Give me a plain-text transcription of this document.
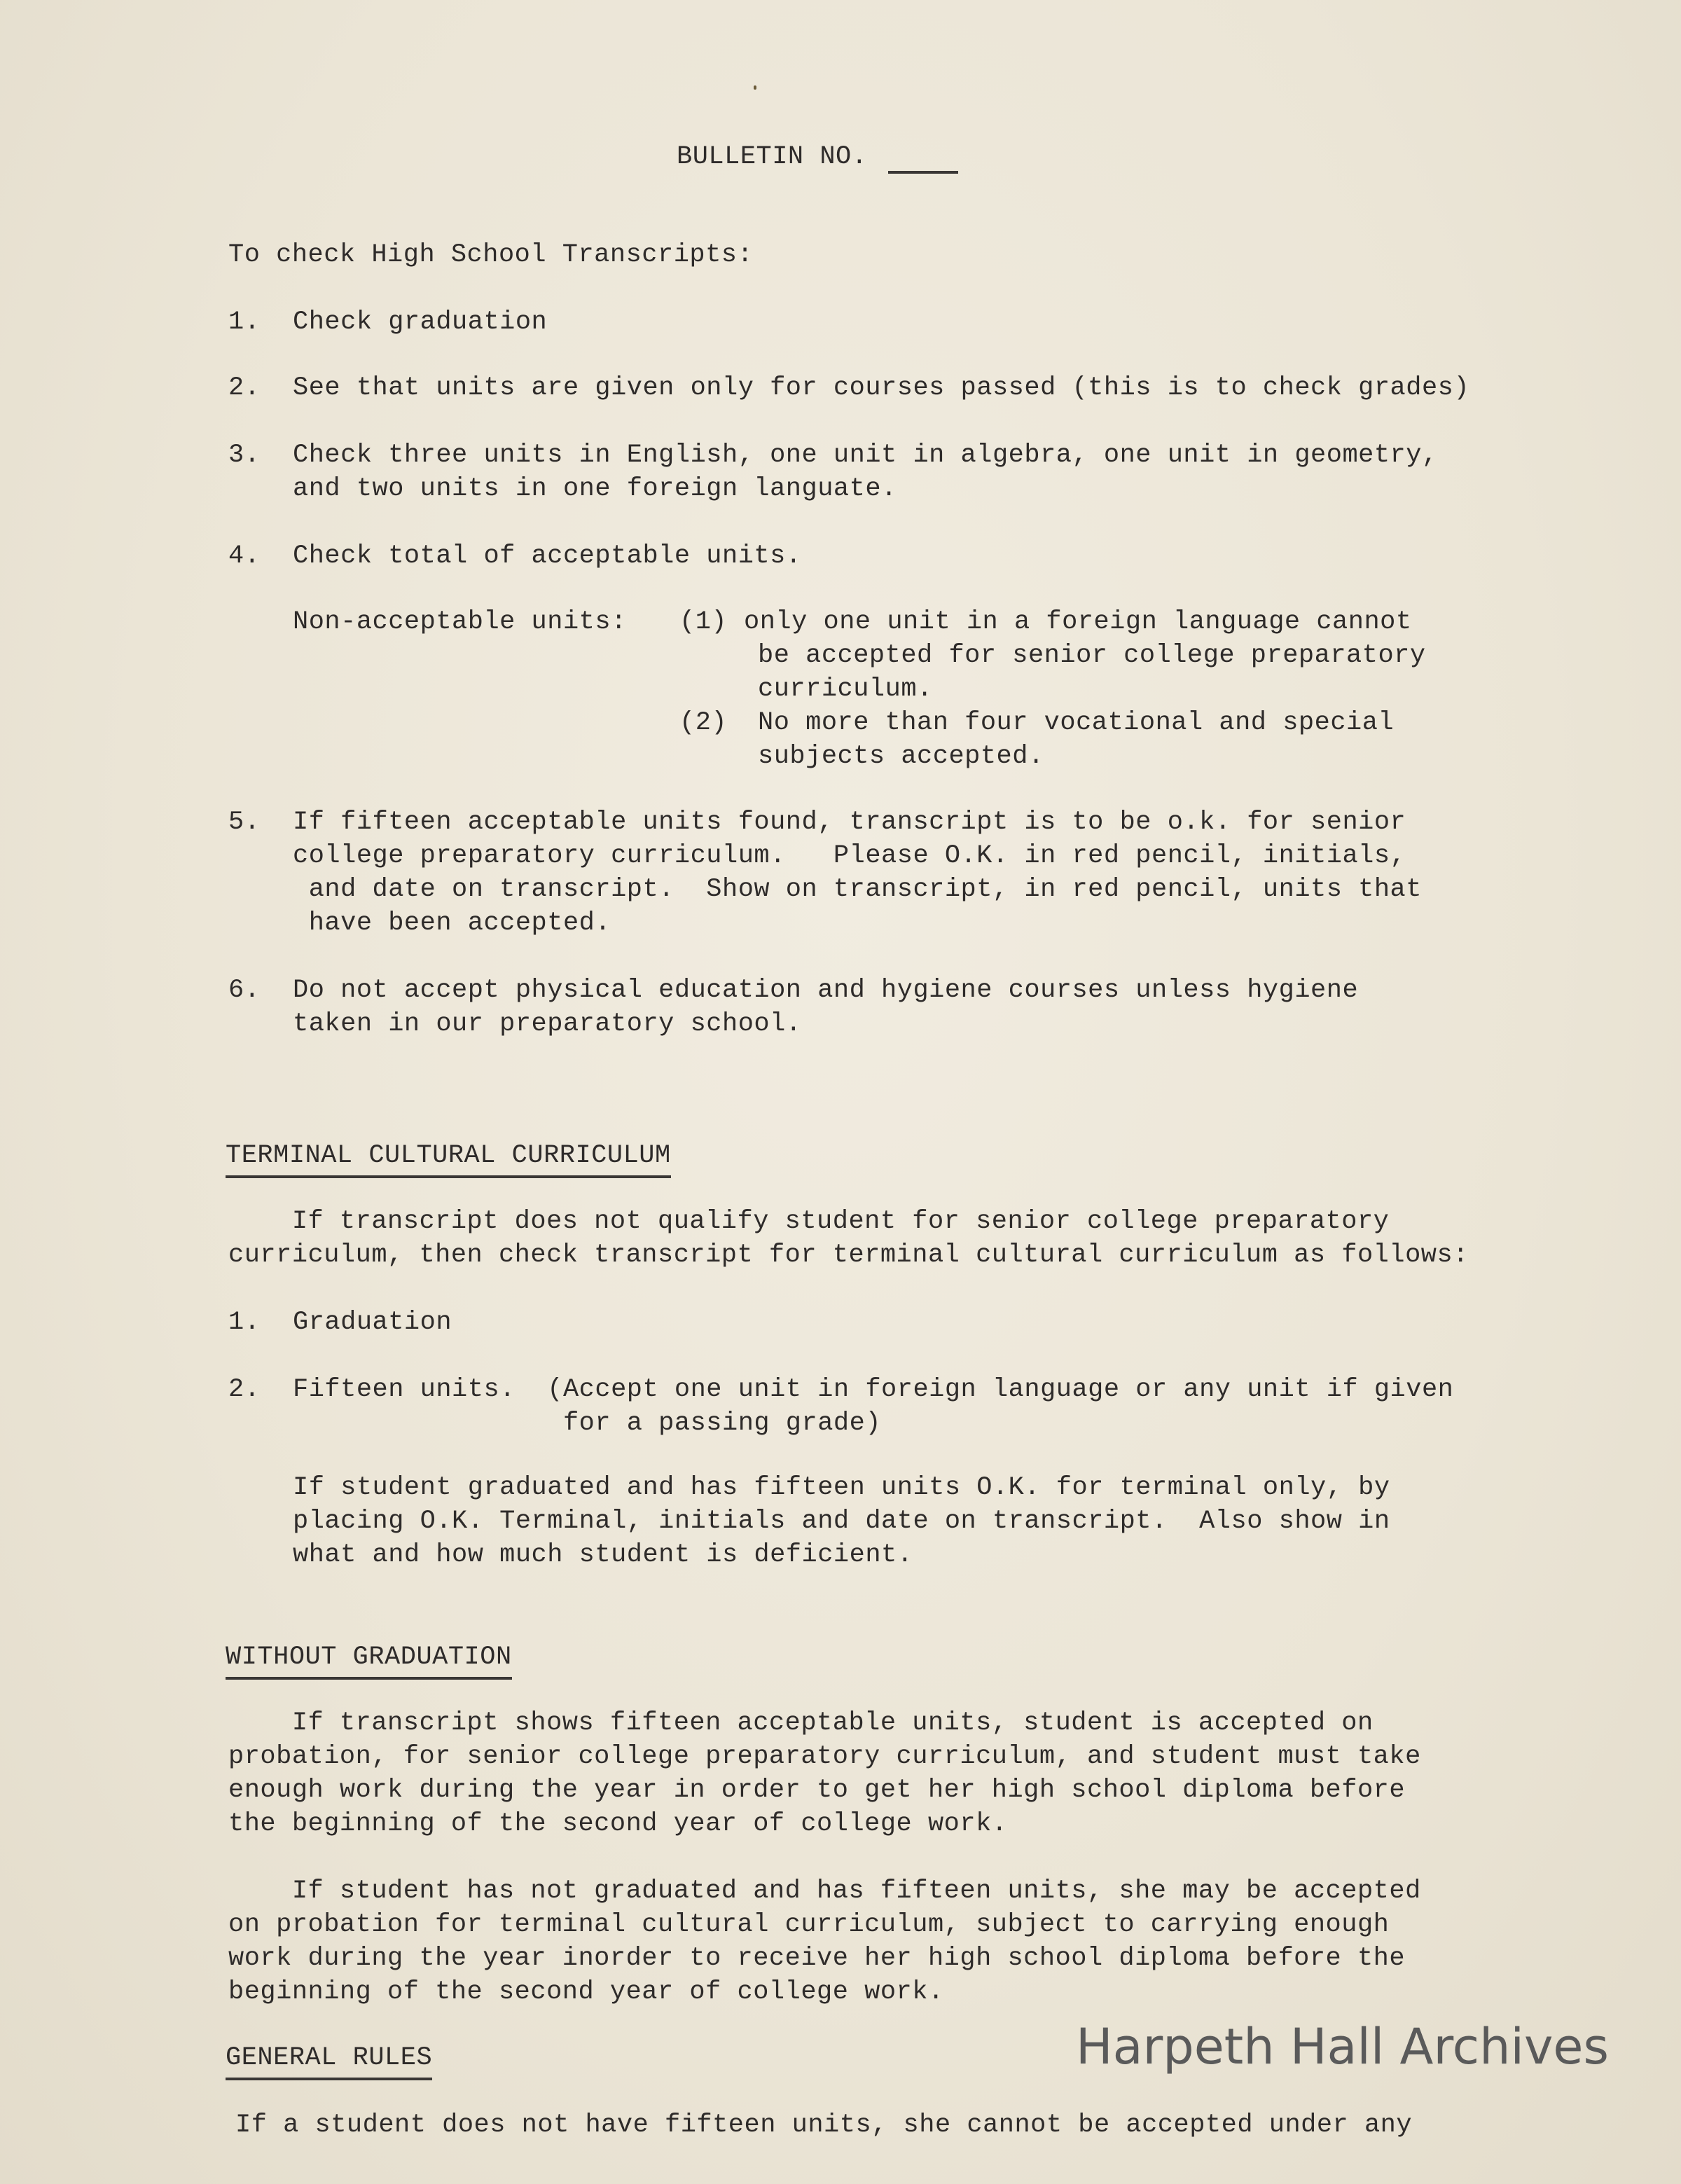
BULLETIN NO.
To check High School Transcripts:
1. Check graduation
2. See that units are given only for courses passed (this is to check grades)
3. Check three units in English, one unit in algebra, one unit in geometry,
and two units in one foreign languate.
4. Check total of acceptable units.
Non-acceptable units: (1) only one unit in a foreign language cannot
be accepted for senior college preparatory
curriculum.
(2) No more than four vocational and special
subjects accepted.
5. If fifteen acceptable units found, transcript is to be o.k. for senior
college preparatory curriculum.   Please O.K. in red pencil, initials,
and date on transcript.  Show on transcript, in red pencil, units that
have been accepted.
6. Do not accept physical education and hygiene courses unless hygiene
taken in our preparatory school.
TERMINAL CULTURAL CURRICULUM
If transcript does not qualify student for senior college preparatory
curriculum, then check transcript for terminal cultural curriculum as follows:
1. Graduation
2. Fifteen units.  (Accept one unit in foreign language or any unit if given
for a passing grade)
If student graduated and has fifteen units O.K. for terminal only, by
placing O.K. Terminal, initials and date on transcript.  Also show in
what and how much student is deficient.
WITHOUT GRADUATION
If transcript shows fifteen acceptable units, student is accepted on
probation, for senior college preparatory curriculum, and student must take
enough work during the year in order to get her high school diploma before
the beginning of the second year of college work.
If student has not graduated and has fifteen units, she may be accepted
on probation for terminal cultural curriculum, subject to carrying enough
work during the year inorder to receive her high school diploma before the
beginning of the second year of college work.
GENERAL RULES
If a student does not have fifteen units, she cannot be accepted under any
Harpeth Hall Archives
